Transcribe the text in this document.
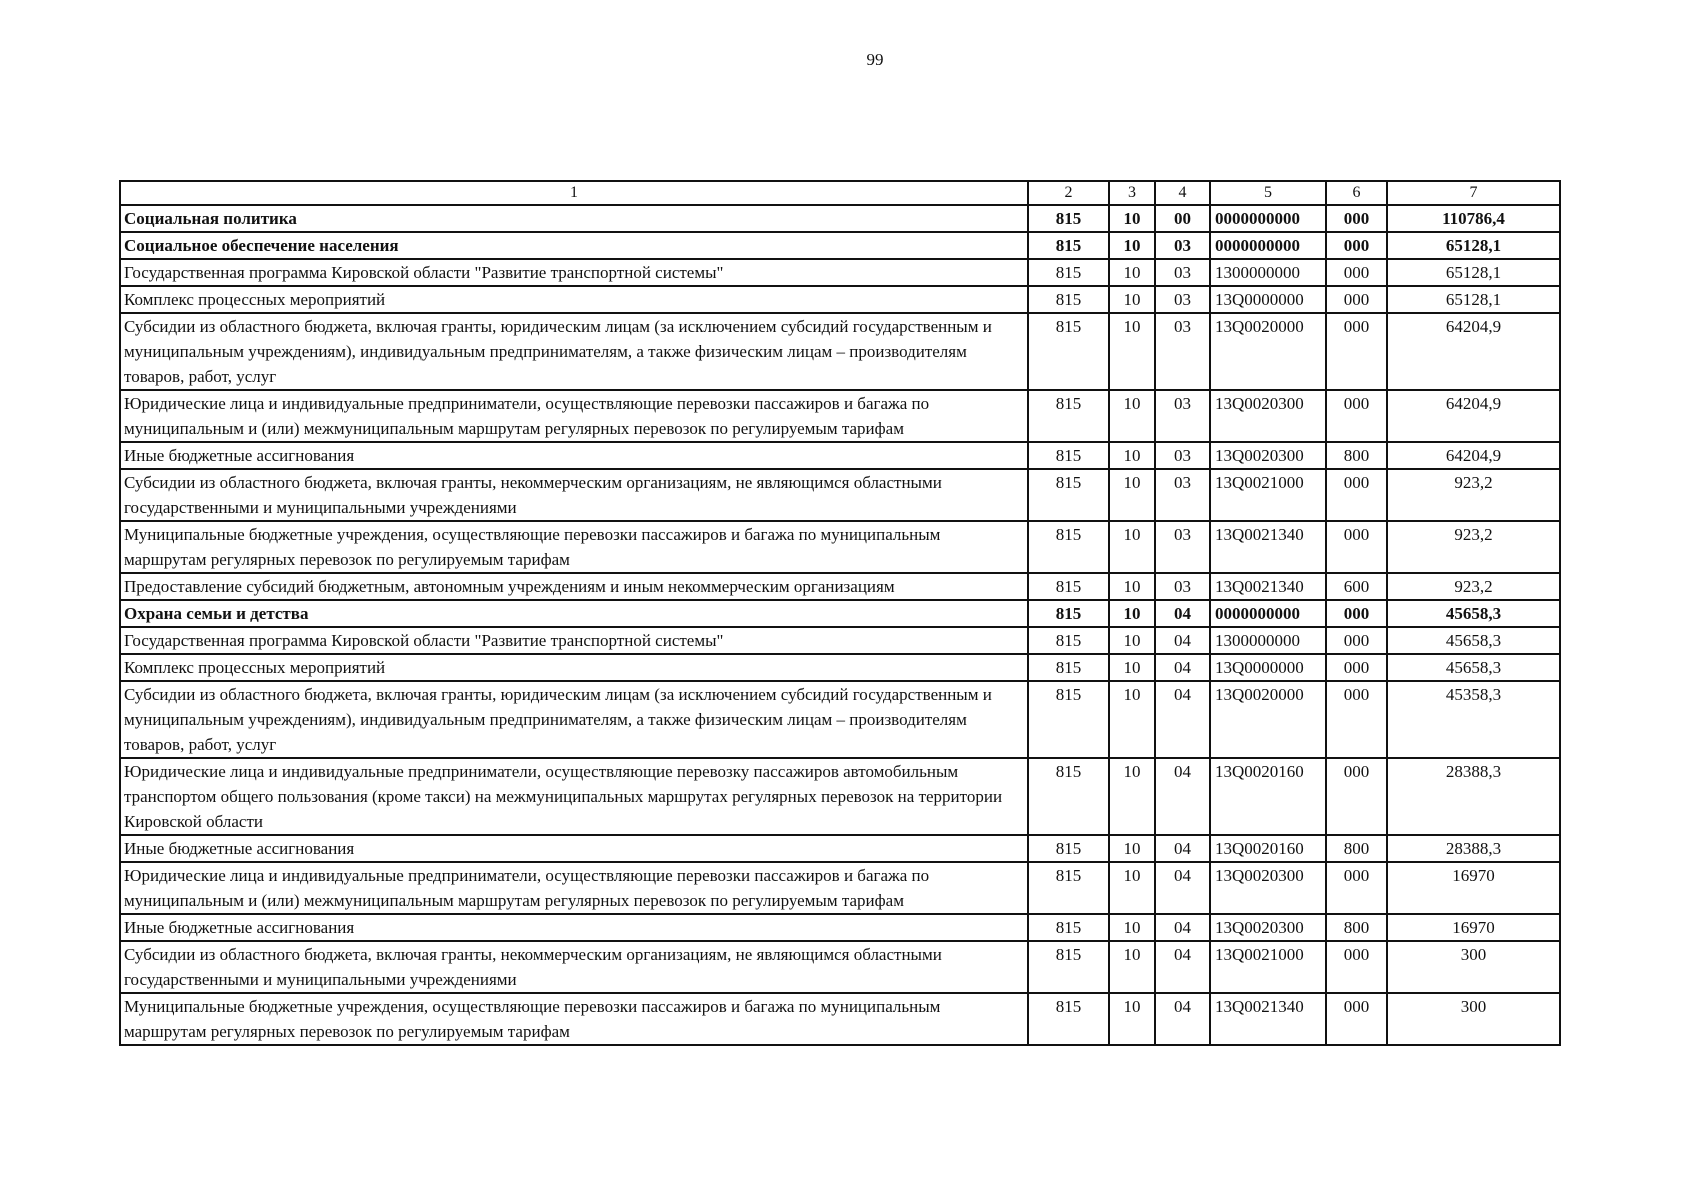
99
1	2	3	4	5	6	7
Социальная политика	815	10	00	0000000000	000	110786,4
Социальное обеспечение населения	815	10	03	0000000000	000	65128,1
Государственная программа Кировской области "Развитие транспортной системы"	815	10	03	1300000000	000	65128,1
Комплекс процессных мероприятий	815	10	03	13Q0000000	000	65128,1
Субсидии из областного бюджета, включая гранты, юридическим лицам (за исключением субсидий государственным и муниципальным учреждениям), индивидуальным предпринимателям, а также физическим лицам – производителям товаров, работ, услуг	815	10	03	13Q0020000	000	64204,9
Юридические лица и индивидуальные предприниматели, осуществляющие перевозки пассажиров и багажа по муниципальным и (или) межмуниципальным маршрутам регулярных перевозок по регулируемым тарифам	815	10	03	13Q0020300	000	64204,9
Иные бюджетные ассигнования	815	10	03	13Q0020300	800	64204,9
Субсидии из областного бюджета, включая гранты, некоммерческим организациям, не являющимся областными государственными и муниципальными учреждениями	815	10	03	13Q0021000	000	923,2
Муниципальные бюджетные учреждения, осуществляющие перевозки пассажиров и багажа по муниципальным маршрутам регулярных перевозок по регулируемым тарифам	815	10	03	13Q0021340	000	923,2
Предоставление субсидий бюджетным, автономным учреждениям и иным некоммерческим организациям	815	10	03	13Q0021340	600	923,2
Охрана семьи и детства	815	10	04	0000000000	000	45658,3
Государственная программа Кировской области "Развитие транспортной системы"	815	10	04	1300000000	000	45658,3
Комплекс процессных мероприятий	815	10	04	13Q0000000	000	45658,3
Субсидии из областного бюджета, включая гранты, юридическим лицам (за исключением субсидий государственным и муниципальным учреждениям), индивидуальным предпринимателям, а также физическим лицам – производителям товаров, работ, услуг	815	10	04	13Q0020000	000	45358,3
Юридические лица и индивидуальные предприниматели, осуществляющие перевозку пассажиров автомобильным транспортом общего пользования (кроме такси) на межмуниципальных маршрутах регулярных перевозок на территории Кировской области	815	10	04	13Q0020160	000	28388,3
Иные бюджетные ассигнования	815	10	04	13Q0020160	800	28388,3
Юридические лица и индивидуальные предприниматели, осуществляющие перевозки пассажиров и багажа по муниципальным и (или) межмуниципальным маршрутам регулярных перевозок по регулируемым тарифам	815	10	04	13Q0020300	000	16970
Иные бюджетные ассигнования	815	10	04	13Q0020300	800	16970
Субсидии из областного бюджета, включая гранты, некоммерческим организациям, не являющимся областными государственными и муниципальными учреждениями	815	10	04	13Q0021000	000	300
Муниципальные бюджетные учреждения, осуществляющие перевозки пассажиров и багажа по муниципальным маршрутам регулярных перевозок по регулируемым тарифам	815	10	04	13Q0021340	000	300
